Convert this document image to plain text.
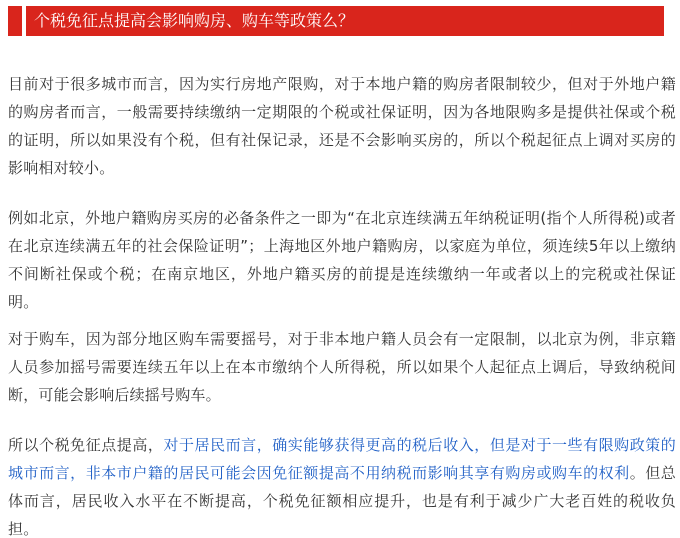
个税免征点提高会影响购房、购车等政策么？

目前对于很多城市而言，因为实行房地产限购，对于本地户籍的购房者限制较少，但对于外地户籍的购房者而言，一般需要持续缴纳一定期限的个税或社保证明，因为各地限购多是提供社保或个税的证明，所以如果没有个税，但有社保记录，还是不会影响买房的，所以个税起征点上调对买房的影响相对较小。

例如北京，外地户籍购房买房的必备条件之一即为“在北京连续满五年纳税证明(指个人所得税)或者在北京连续满五年的社会保险证明”；上海地区外地户籍购房，以家庭为单位，须连续5年以上缴纳不间断社保或个税；在南京地区，外地户籍买房的前提是连续缴纳一年或者以上的完税或社保证明。

对于购车，因为部分地区购车需要摇号，对于非本地户籍人员会有一定限制，以北京为例，非京籍人员参加摇号需要连续五年以上在本市缴纳个人所得税，所以如果个人起征点上调后，导致纳税间断，可能会影响后续摇号购车。

所以个税免征点提高，对于居民而言，确实能够获得更高的税后收入，但是对于一些有限购政策的城市而言，非本市户籍的居民可能会因免征额提高不用纳税而影响其享有购房或购车的权利。但总体而言，居民收入水平在不断提高，个税免征额相应提升，也是有利于减少广大老百姓的税收负担。
